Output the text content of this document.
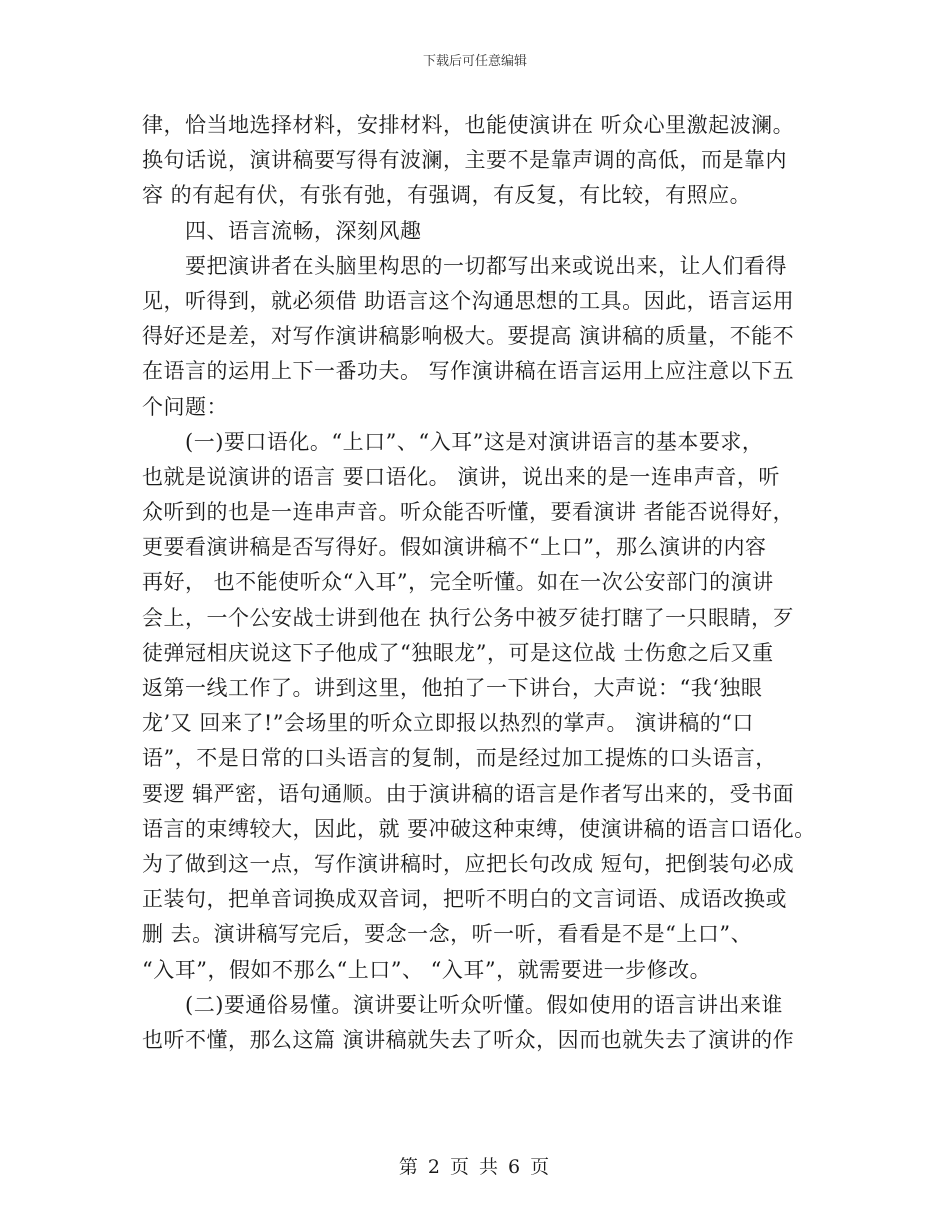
下载后可任意编辑
律，恰当地选择材料，安排材料，也能使演讲在 听众心里激起波澜。
换句话说，演讲稿要写得有波澜，主要不是靠声调的高低，而是靠内
容 的有起有伏，有张有弛，有强调，有反复，有比较，有照应。
　　四、语言流畅，深刻风趣
　　要把演讲者在头脑里构思的一切都写出来或说出来，让人们看得
见，听得到，就必须借 助语言这个沟通思想的工具。因此，语言运用
得好还是差，对写作演讲稿影响极大。要提高 演讲稿的质量，不能不
在语言的运用上下一番功夫。 写作演讲稿在语言运用上应注意以下五
个问题：
　　(一)要口语化。“上口”、“入耳”这是对演讲语言的基本要求，
也就是说演讲的语言 要口语化。 演讲，说出来的是一连串声音，听
众听到的也是一连串声音。听众能否听懂，要看演讲 者能否说得好，
更要看演讲稿是否写得好。假如演讲稿不“上口”，那么演讲的内容
再好， 也不能使听众“入耳”，完全听懂。如在一次公安部门的演讲
会上，一个公安战士讲到他在 执行公务中被歹徒打瞎了一只眼睛，歹
徒弹冠相庆说这下子他成了“独眼龙”，可是这位战 士伤愈之后又重
返第一线工作了。讲到这里，他拍了一下讲台，大声说：“我‘独眼
龙’又 回来了!”会场里的听众立即报以热烈的掌声。 演讲稿的“口
语”，不是日常的口头语言的复制，而是经过加工提炼的口头语言，
要逻 辑严密，语句通顺。由于演讲稿的语言是作者写出来的，受书面
语言的束缚较大，因此，就 要冲破这种束缚，使演讲稿的语言口语化。
为了做到这一点，写作演讲稿时，应把长句改成 短句，把倒装句必成
正装句，把单音词换成双音词，把听不明白的文言词语、成语改换或
删 去。演讲稿写完后，要念一念，听一听，看看是不是“上口”、
“入耳”，假如不那么“上口”、 “入耳”，就需要进一步修改。
　　(二)要通俗易懂。演讲要让听众听懂。假如使用的语言讲出来谁
也听不懂，那么这篇 演讲稿就失去了听众，因而也就失去了演讲的作
第 2 页 共 6 页
